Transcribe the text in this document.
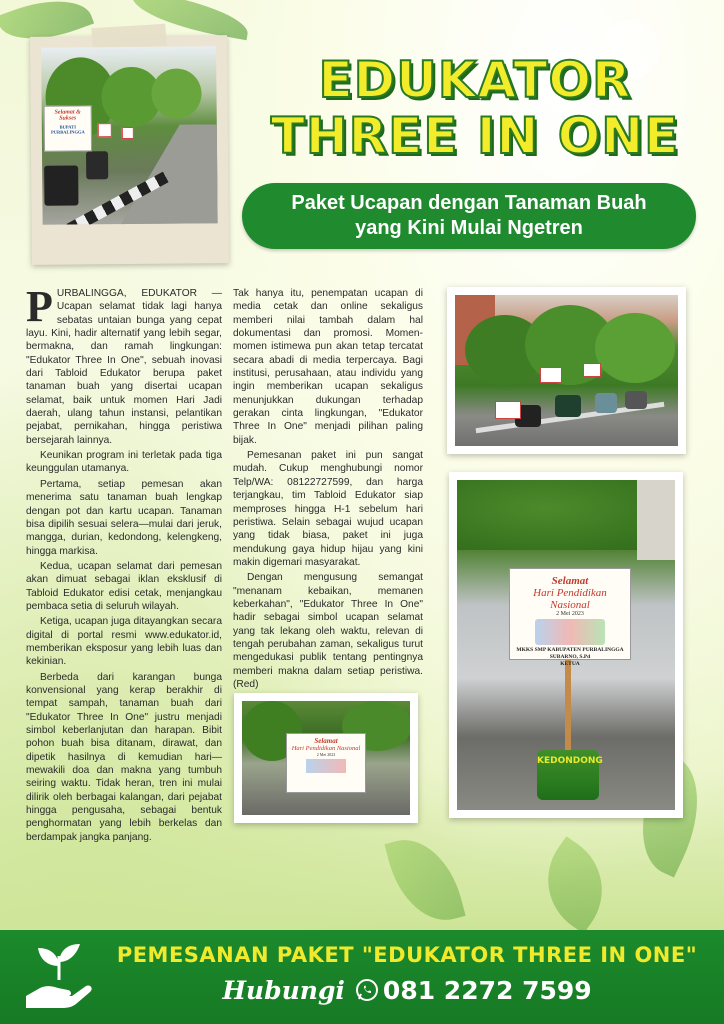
Selamat & Sukses
BUPATI PURBALINGGA
EDUKATOR
THREE IN ONE
Paket Ucapan dengan Tanaman Buah
yang Kini Mulai Ngetren

PURBALINGGA, EDUKATOR — Ucapan selamat tidak lagi hanya sebatas untaian bunga yang cepat layu. Kini, hadir alternatif yang lebih segar, bermakna, dan ramah lingkungan: "Edukator Three In One", sebuah inovasi dari Tabloid Edukator berupa paket tanaman buah yang disertai ucapan selamat, baik untuk momen Hari Jadi daerah, ulang tahun instansi, pelantikan pejabat, pernikahan, hingga peristiwa bersejarah lainnya.

Keunikan program ini terletak pada tiga keunggulan utamanya.

Pertama, setiap pemesan akan menerima satu tanaman buah lengkap dengan pot dan kartu ucapan. Tanaman bisa dipilih sesuai selera—mulai dari jeruk, mangga, durian, kedondong, kelengkeng, hingga markisa.

Kedua, ucapan selamat dari pemesan akan dimuat sebagai iklan eksklusif di Tabloid Edukator edisi cetak, menjangkau pembaca setia di seluruh wilayah.

Ketiga, ucapan juga ditayangkan secara digital di portal resmi www.edukator.id, memberikan eksposur yang lebih luas dan kekinian.

Berbeda dari karangan bunga konvensional yang kerap berakhir di tempat sampah, tanaman buah dari "Edukator Three In One" justru menjadi simbol keberlanjutan dan harapan. Bibit pohon buah bisa ditanam, dirawat, dan dipetik hasilnya di kemudian hari—mewakili doa dan makna yang tumbuh seiring waktu. Tidak heran, tren ini mulai dilirik oleh berbagai kalangan, dari pejabat hingga pengusaha, sebagai bentuk penghormatan yang lebih berkelas dan berdampak jangka panjang.

Tak hanya itu, penempatan ucapan di media cetak dan online sekaligus memberi nilai tambah dalam hal dokumentasi dan promosi. Momen-momen istimewa pun akan tetap tercatat secara abadi di media terpercaya. Bagi institusi, perusahaan, atau individu yang ingin memberikan ucapan sekaligus menunjukkan dukungan terhadap gerakan cinta lingkungan, "Edukator Three In One" menjadi pilihan paling bijak.

Pemesanan paket ini pun sangat mudah. Cukup menghubungi nomor Telp/WA: 08122727599, dan harga terjangkau, tim Tabloid Edukator siap memproses hingga H-1 sebelum hari peristiwa. Selain sebagai wujud ucapan yang tidak biasa, paket ini juga mendukung gaya hidup hijau yang kini makin digemari masyarakat.

Dengan mengusung semangat "menanam kebaikan, memanen keberkahan", "Edukator Three In One" hadir sebagai simbol ucapan selamat yang tak lekang oleh waktu, relevan di tengah perubahan zaman, sekaligus turut mengedukasi publik tentang pentingnya memberi makna dalam setiap peristiwa. (Red)

Selamat
Hari Pendidikan Nasional
2 Mei 2023
MKKS SMP KABUPATEN PURBALINGGA
SUBARNO, S.Pd
KETUA
KEDONDONG
Selamat
Hari Pendidikan Nasional
2 Mei 2023
PEMESANAN PAKET "EDUKATOR THREE IN ONE"
Hubungi 081 2272 7599
